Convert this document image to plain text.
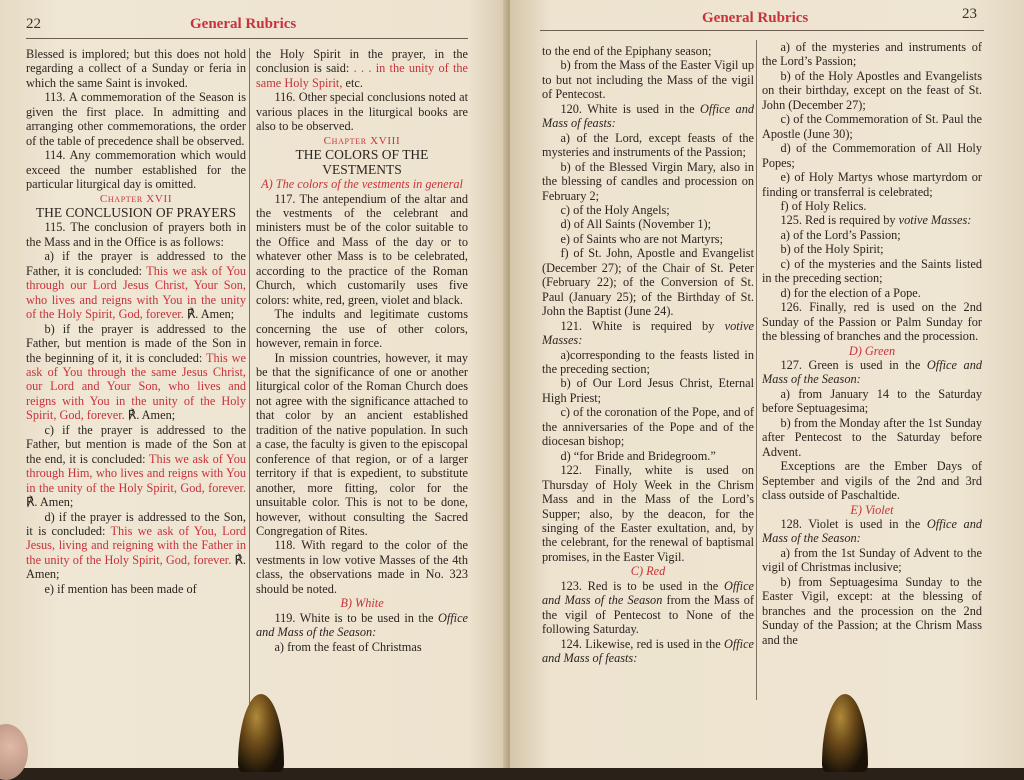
22	General Rubrics

Blessed is implored; but this does not hold regarding a collect of a Sunday or feria in which the same Saint is invoked.

113. A commemoration of the Season is given the first place. In admitting and arranging other commemorations, the order of the table of precedence shall be observed.

114. Any commemoration which would exceed the number established for the particular liturgical day is omitted.

Chapter XVII

THE CONCLUSION OF PRAYERS

115. The conclusion of prayers both in the Mass and in the Office is as follows:

a) if the prayer is addressed to the Father, it is concluded: This we ask of You through our Lord Jesus Christ, Your Son, who lives and reigns with You in the unity of the Holy Spirit, God, forever. ℟. Amen;

b) if the prayer is addressed to the Father, but mention is made of the Son in the beginning of it, it is concluded: This we ask of You through the same Jesus Christ, our Lord and Your Son, who lives and reigns with You in the unity of the Holy Spirit, God, forever. ℟. Amen;

c) if the prayer is addressed to the Father, but mention is made of the Son at the end, it is concluded: This we ask of You through Him, who lives and reigns with You in the unity of the Holy Spirit, God, forever. ℟. Amen;

d) if the prayer is addressed to the Son, it is concluded: This we ask of You, Lord Jesus, living and reigning with the Father in the unity of the Holy Spirit, God, forever. ℟. Amen;

e) if mention has been made of

the Holy Spirit in the prayer, in the conclusion is said: . . . in the unity of the same Holy Spirit, etc.

116. Other special conclusions noted at various places in the liturgical books are also to be observed.

Chapter XVIII

THE COLORS OF THE VESTMENTS

A) The colors of the vestments in general

117. The antependium of the altar and the vestments of the celebrant and ministers must be of the color suitable to the Office and Mass of the day or to whatever other Mass is to be celebrated, according to the practice of the Roman Church, which customarily uses five colors: white, red, green, violet and black.

The indults and legitimate customs concerning the use of other colors, however, remain in force.

In mission countries, however, it may be that the significance of one or another liturgical color of the Roman Church does not agree with the significance attached to that color by an ancient established tradition of the native population. In such a case, the faculty is given to the episcopal conference of that region, or of a larger territory if that is expedient, to substitute another, more fitting, color for the unsuitable color. This is not to be done, however, without consulting the Sacred Congregation of Rites.

118. With regard to the color of the vestments in low votive Masses of the 4th class, the observations made in No. 323 should be noted.

B) White

119. White is to be used in the Office and Mass of the Season:

a) from the feast of Christmas

General Rubrics	23

to the end of the Epiphany season;

b) from the Mass of the Easter Vigil up to but not including the Mass of the vigil of Pentecost.

120. White is used in the Office and Mass of feasts:

a) of the Lord, except feasts of the mysteries and instruments of the Passion;

b) of the Blessed Virgin Mary, also in the blessing of candles and procession on February 2;

c) of the Holy Angels;

d) of All Saints (November 1);

e) of Saints who are not Martyrs;

f) of St. John, Apostle and Evangelist (December 27); of the Chair of St. Peter (February 22); of the Conversion of St. Paul (January 25); of the Birthday of St. John the Baptist (June 24).

121. White is required by votive Masses:

a)corresponding to the feasts listed in the preceding section;

b) of Our Lord Jesus Christ, Eternal High Priest;

c) of the coronation of the Pope, and of the anniversaries of the Pope and of the diocesan bishop;

d) “for Bride and Bridegroom.”

122. Finally, white is used on Thursday of Holy Week in the Chrism Mass and in the Mass of the Lord’s Supper; also, by the deacon, for the singing of the Easter exultation, and, by the celebrant, for the renewal of baptismal promises, in the Easter Vigil.

C) Red

123. Red is to be used in the Office and Mass of the Season from the Mass of the vigil of Pentecost to None of the following Saturday.

124. Likewise, red is used in the Office and Mass of feasts:

a) of the mysteries and instruments of the Lord’s Passion;

b) of the Holy Apostles and Evangelists on their birthday, except on the feast of St. John (December 27);

c) of the Commemoration of St. Paul the Apostle (June 30);

d) of the Commemoration of All Holy Popes;

e) of Holy Martys whose martyrdom or finding or transferral is celebrated;

f) of Holy Relics.

125. Red is required by votive Masses:

a) of the Lord’s Passion;

b) of the Holy Spirit;

c) of the mysteries and the Saints listed in the preceding section;

d) for the election of a Pope.

126. Finally, red is used on the 2nd Sunday of the Passion or Palm Sunday for the blessing of branches and the procession.

D) Green

127. Green is used in the Office and Mass of the Season:

a) from January 14 to the Saturday before Septuagesima;

b) from the Monday after the 1st Sunday after Pentecost to the Saturday before Advent.

Exceptions are the Ember Days of September and vigils of the 2nd and 3rd class outside of Paschaltide.

E) Violet

128. Violet is used in the Office and Mass of the Season:

a) from the 1st Sunday of Advent to the vigil of Christmas inclusive;

b) from Septuagesima Sunday to the Easter Vigil, except: at the blessing of branches and the procession on the 2nd Sunday of the Passion; at the Chrism Mass and the
